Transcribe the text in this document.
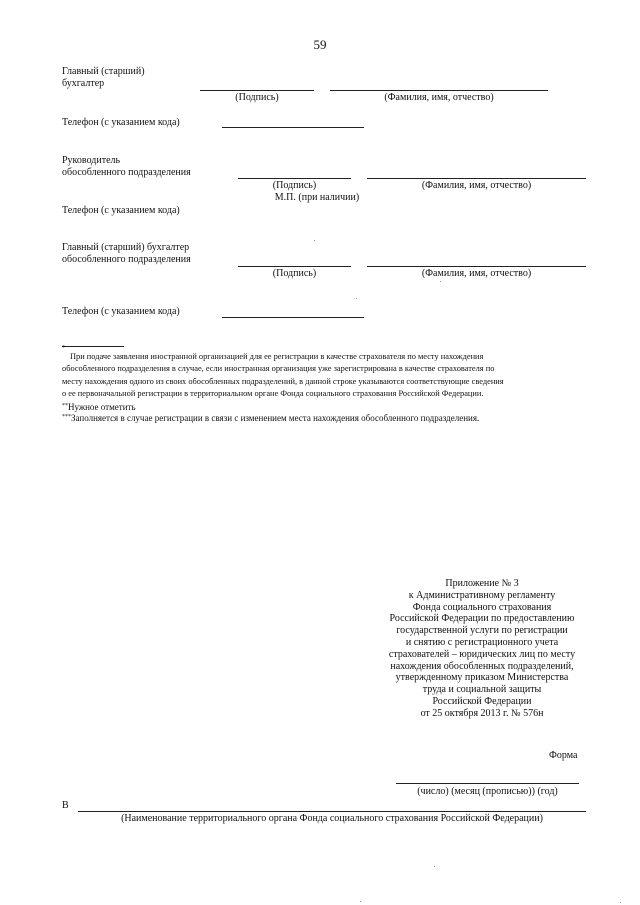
59
Главный (старший)
бухгалтер
(Подпись)	(Фамилия, имя, отчество)
Телефон (с указанием кода)
Руководитель
обособленного подразделения
(Подпись)	(Фамилия, имя, отчество)
М.П. (при наличии)
Телефон (с указанием кода)
Главный (старший) бухгалтер
обособленного подразделения
(Подпись)	(Фамилия, имя, отчество)
Телефон (с указанием кода)
*
При подаче заявления иностранной организацией для ее регистрации в качестве страхователя по месту нахождения
обособленного подразделения в случае, если иностранная организация уже зарегистрирована в качестве страхователя по
месту нахождения одного из своих обособленных подразделений, в данной строке указываются соответствующие сведения
о ее первоначальной регистрации в территориальном органе Фонда социального страхования Российской Федерации.
**Нужное отметить
***Заполняется в случае регистрации в связи с изменением места нахождения обособленного подразделения.
Приложение № 3
к Административному регламенту
Фонда социального страхования
Российской Федерации по предоставлению
государственной услуги по регистрации
и снятию с регистрационного учета
страхователей – юридических лиц по месту
нахождения обособленных подразделений,
утвержденному приказом Министерства
труда и социальной защиты
Российской Федерации
от 25 октября 2013 г. № 576н
Форма
(число) (месяц (прописью)) (год)
В
(Наименование территориального органа Фонда социального страхования Российской Федерации)
